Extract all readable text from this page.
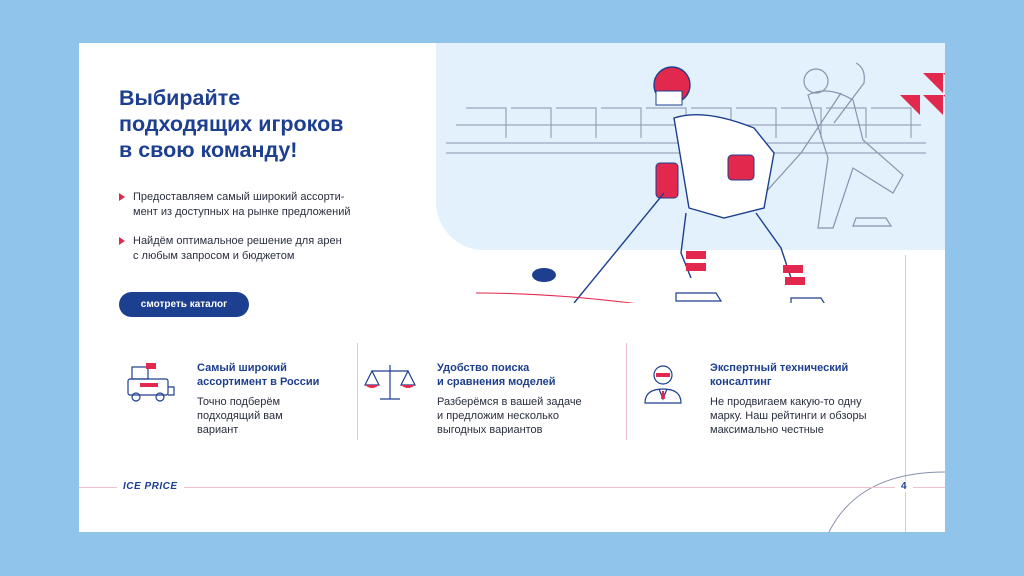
Выбирайте
подходящих игроков
в свою команду!
Предоставляем самый широкий ассорти-
мент из доступных на рынке предложений
Найдём оптимальное решение для арен
с любым запросом и бюджетом
смотреть каталог
Самый широкий
ассортимент в России
Точно подберём
подходящий вам
вариант
Удобство поиска
и сравнения моделей
Разберёмся в вашей задаче
и предложим несколько
выгодных вариантов
Экспертный технический
консалтинг
Не продвигаем какую-то одну
марку. Наш рейтинги и обзоры
максимально честные
ICE PRICE	4
